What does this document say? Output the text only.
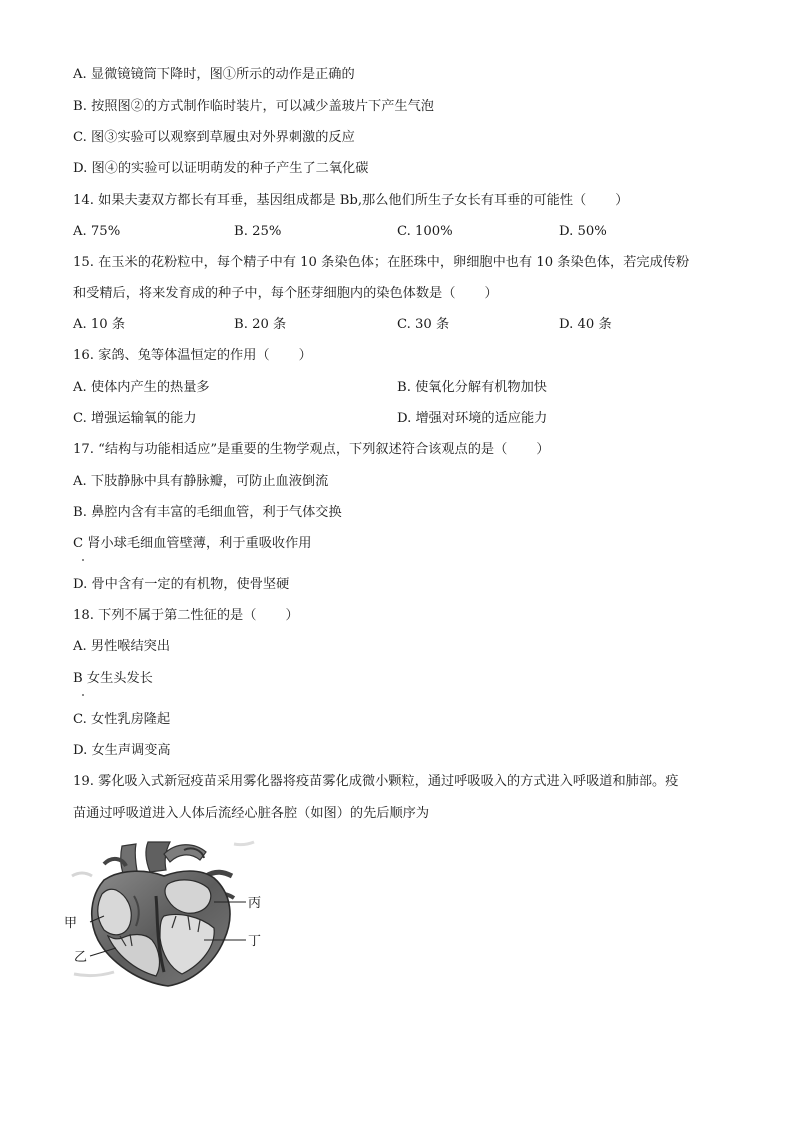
A. 显微镜镜筒下降时，图①所示的动作是正确的
B. 按照图②的方式制作临时装片，可以减少盖玻片下产生气泡
C. 图③实验可以观察到草履虫对外界刺激的反应
D. 图④的实验可以证明萌发的种子产生了二氧化碳
14. 如果夫妻双方都长有耳垂，基因组成都是 Bb,那么他们所生子女长有耳垂的可能性（ ）
A. 75%	B. 25%	C. 100%	D. 50%
15. 在玉米的花粉粒中，每个精子中有 10 条染色体；在胚珠中，卵细胞中也有 10 条染色体，若完成传粉
和受精后，将来发育成的种子中，每个胚芽细胞内的染色体数是（ ）
A. 10 条	B. 20 条	C. 30 条	D. 40 条
16. 家鸽、兔等体温恒定的作用（ ）
A. 使体内产生的热量多	B. 使氧化分解有机物加快
C. 增强运输氧的能力	D. 增强对环境的适应能力
17. “结构与功能相适应”是重要的生物学观点，下列叙述符合该观点的是（ ）
A. 下肢静脉中具有静脉瓣，可防止血液倒流
B. 鼻腔内含有丰富的毛细血管，利于气体交换
C 肾小球毛细血管壁薄，利于重吸收作用
D. 骨中含有一定的有机物，使骨坚硬
18. 下列不属于第二性征的是（ ）
A. 男性喉结突出
B 女生头发长
C. 女性乳房隆起
D. 女生声调变高
19. 雾化吸入式新冠疫苗采用雾化器将疫苗雾化成微小颗粒，通过呼吸吸入的方式进入呼吸道和肺部。疫
苗通过呼吸道进入人体后流经心脏各腔（如图）的先后顺序为
丙
丁
甲
乙
